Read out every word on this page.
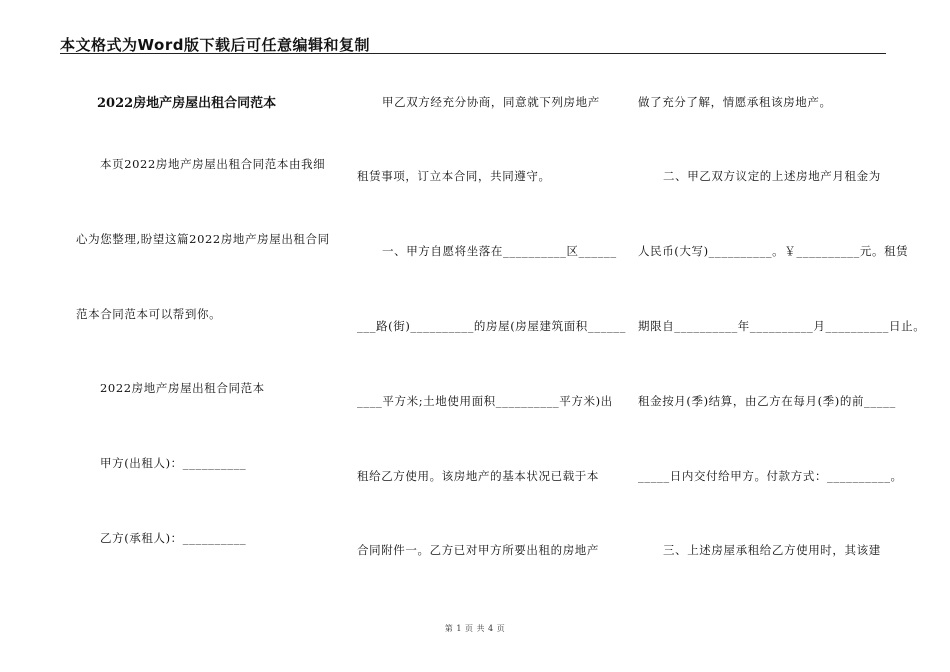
本文格式为Word版下载后可任意编辑和复制
2022房地产房屋出租合同范本
本页2022房地产房屋出租合同范本由我细
心为您整理,盼望这篇2022房地产房屋出租合同
范本合同范本可以帮到你。
2022房地产房屋出租合同范本
甲方(出租人)：__________
乙方(承租人)：__________
甲乙双方经充分协商，同意就下列房地产
租赁事项，订立本合同，共同遵守。
一、甲方自愿将坐落在__________区______
___路(街)__________的房屋(房屋建筑面积______
____平方米;土地使用面积__________平方米)出
租给乙方使用。该房地产的基本状况已载于本
合同附件一。乙方已对甲方所要出租的房地产
做了充分了解，情愿承租该房地产。
二、甲乙双方议定的上述房地产月租金为
人民币(大写)__________。￥__________元。租赁
期限自__________年__________月__________日止。
租金按月(季)结算，由乙方在每月(季)的前_____
_____日内交付给甲方。付款方式：__________。
三、上述房屋承租给乙方使用时，其该建
第 1 页 共 4 页
